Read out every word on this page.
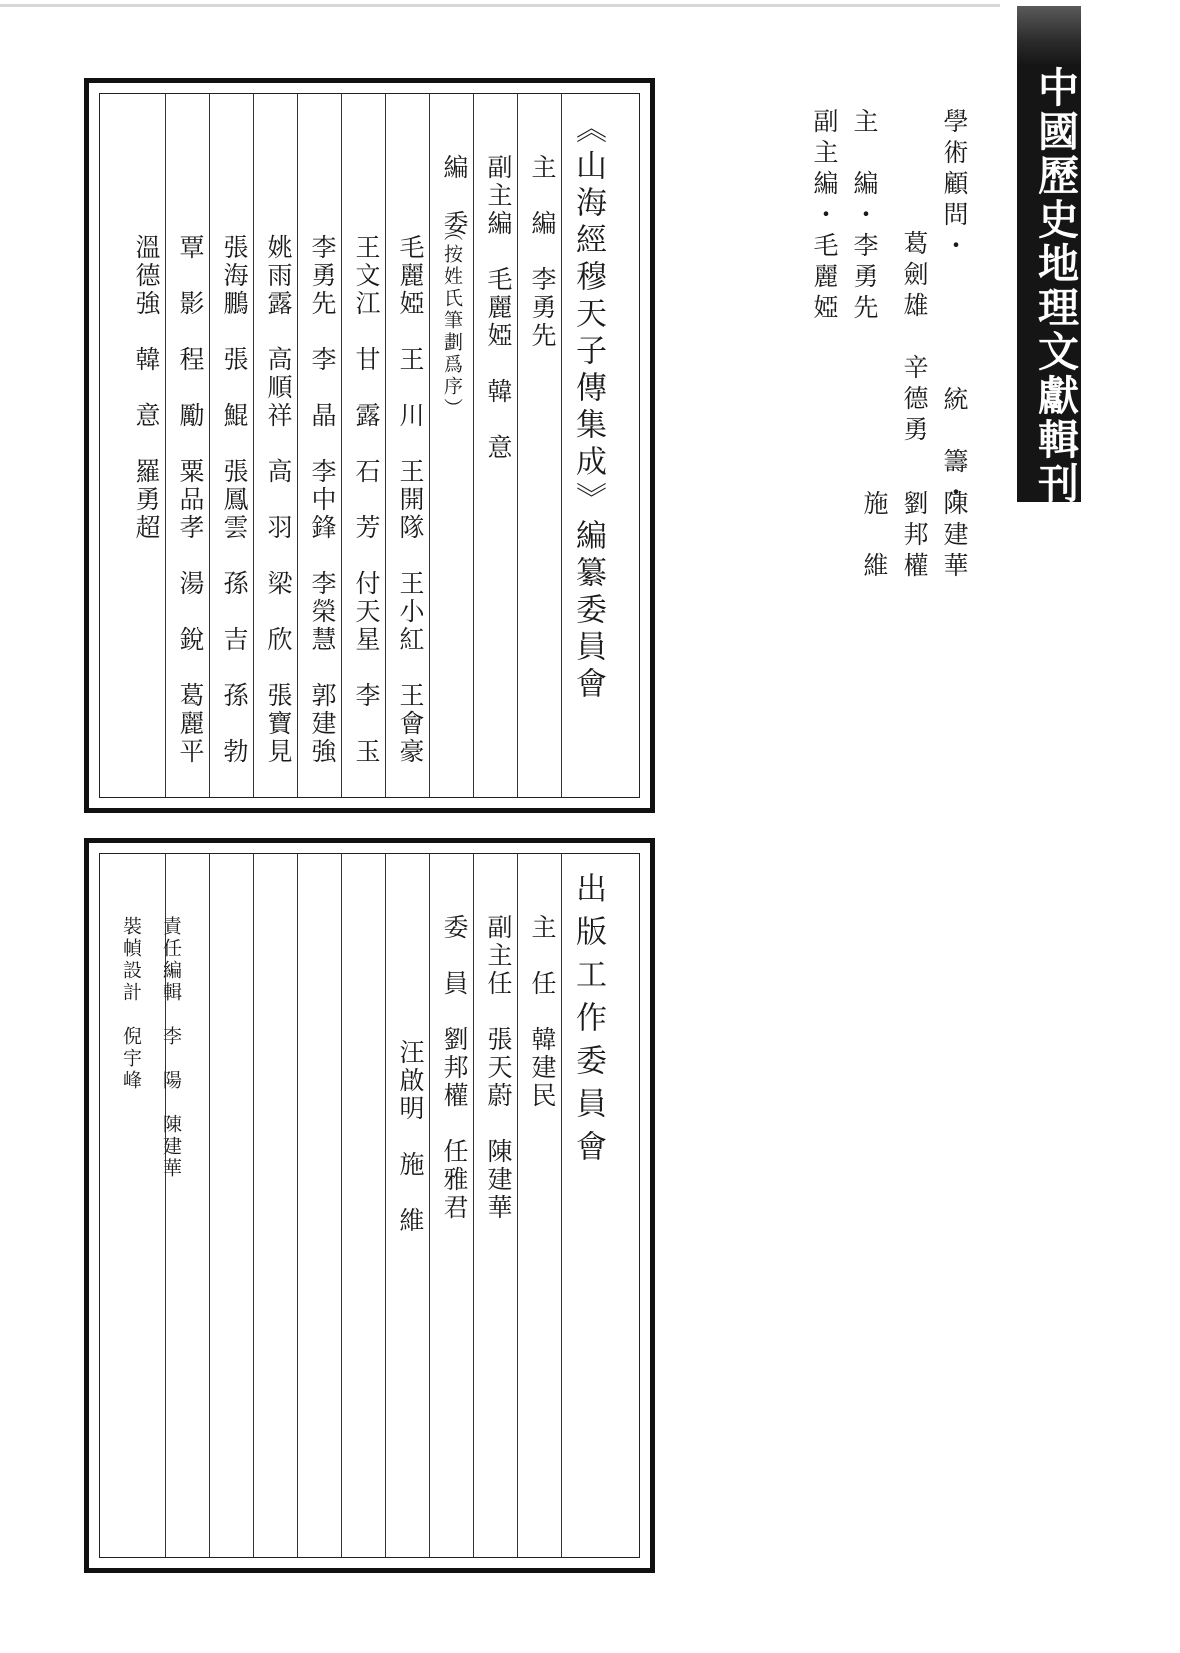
中國歷史地理文獻輯刊
學術顧問・
葛劍雄　辛德勇
統　籌・
陳建華
劉邦權
施　維
主　編・李勇先
副主編・毛麗婭
《山海經穆天子傳集成》編纂委員會
主　編　李勇先
副主編　毛麗婭　韓　意
編　委
（按姓氏筆劃爲序）
毛麗婭　王　川　王開隊　王小紅　王會豪
王文江　甘　露　石　芳　付天星　李　玉
李勇先　李　晶　李中鋒　李榮慧　郭建強
姚雨露　高順祥　高　羽　梁　欣　張寶見
張海鵬　張　鯤　張鳳雲　孫　吉　孫　勃
覃　影　程　勵　粟品孝　湯　銳　葛麗平
溫德強　韓　意　羅勇超
出版工作委員會
主　任　韓建民
副主任　張天蔚　陳建華
委　員　劉邦權　任雅君
汪啟明　施　維
責任編輯　李　陽　陳建華
裝幀設計　倪宇峰
